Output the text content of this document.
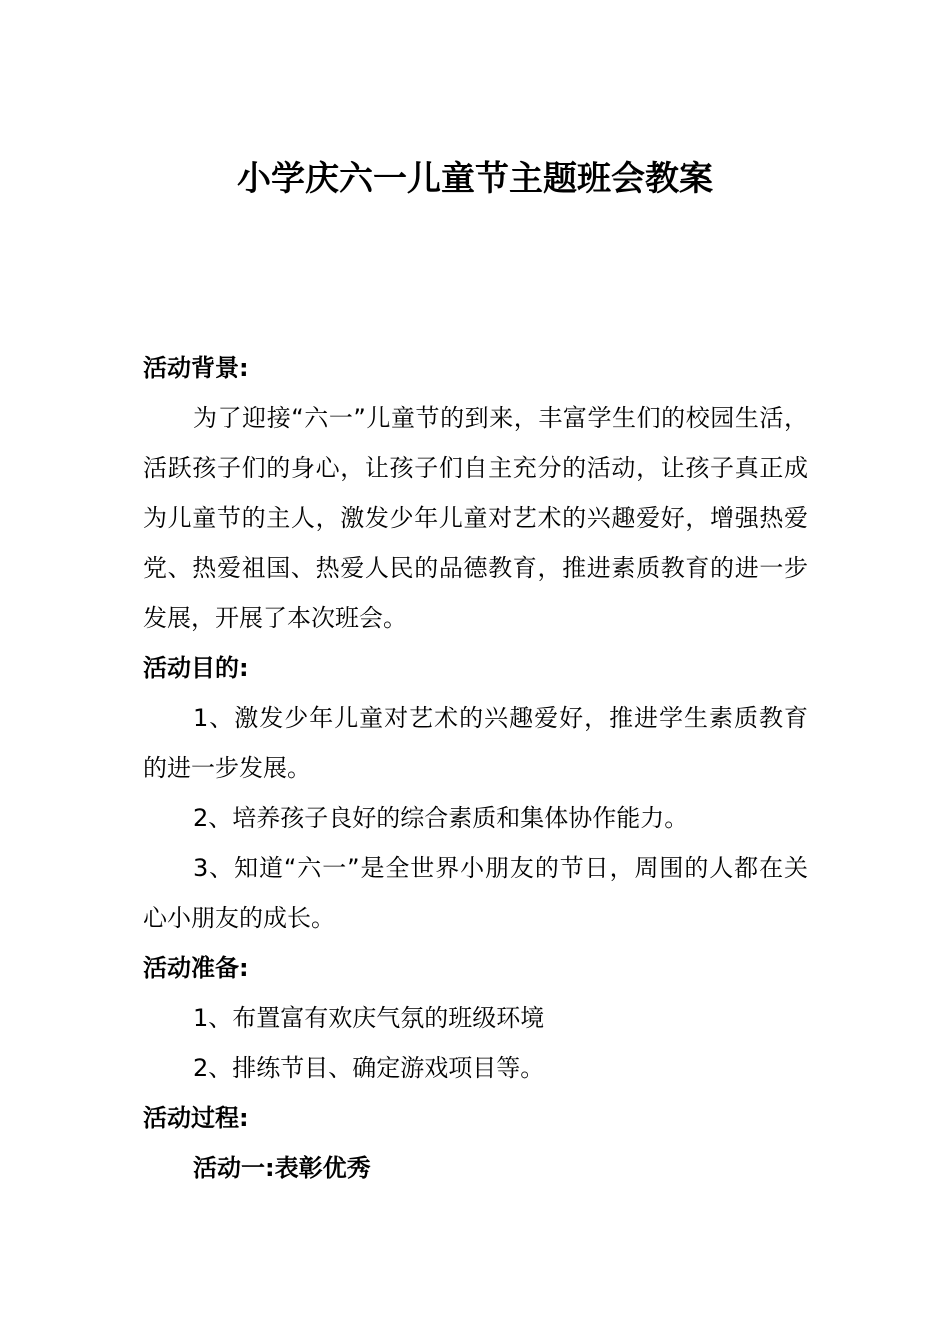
小学庆六一儿童节主题班会教案
活动背景:
为了迎接“六一”儿童节的到来，丰富学生们的校园生活，活跃孩子们的身心，让孩子们自主充分的活动，让孩子真正成为儿童节的主人，激发少年儿童对艺术的兴趣爱好，增强热爱党、热爱祖国、热爱人民的品德教育，推进素质教育的进一步发展，开展了本次班会。
活动目的:
1、激发少年儿童对艺术的兴趣爱好，推进学生素质教育的进一步发展。
2、培养孩子良好的综合素质和集体协作能力。
3、知道“六一”是全世界小朋友的节日，周围的人都在关心小朋友的成长。
活动准备:
1、布置富有欢庆气氛的班级环境
2、排练节目、确定游戏项目等。
活动过程:
活动一:表彰优秀
